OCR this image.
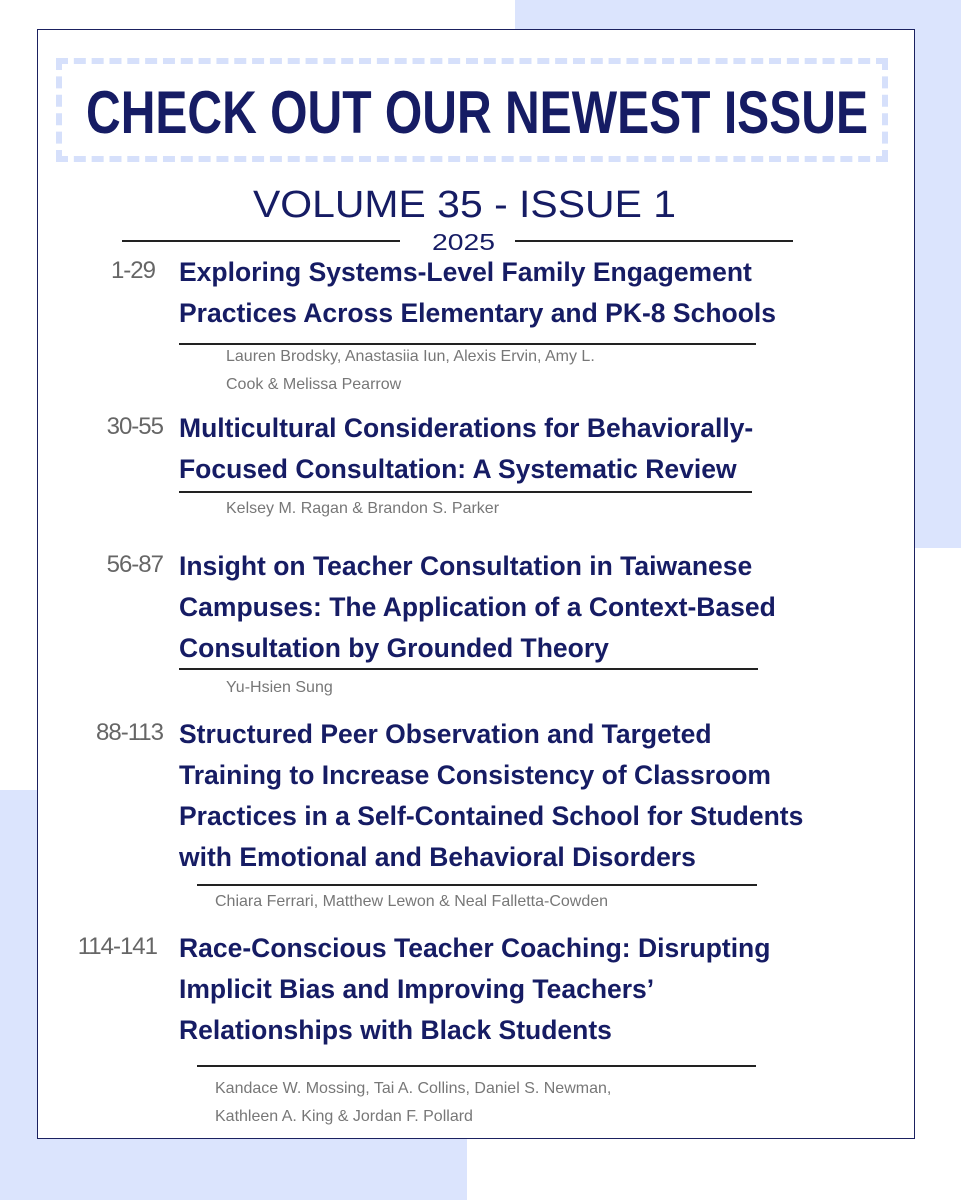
CHECK OUT OUR NEWEST ISSUE
VOLUME 35 - ISSUE 1
2025
1-29 Exploring Systems-Level Family Engagement
Practices Across Elementary and PK-8 Schools
Lauren Brodsky, Anastasiia Iun, Alexis Ervin, Amy L.
Cook & Melissa Pearrow
30-55 Multicultural Considerations for Behaviorally-
Focused Consultation: A Systematic Review
Kelsey M. Ragan & Brandon S. Parker
56-87 Insight on Teacher Consultation in Taiwanese
Campuses: The Application of a Context-Based
Consultation by Grounded Theory
Yu-Hsien Sung
88-113 Structured Peer Observation and Targeted
Training to Increase Consistency of Classroom
Practices in a Self-Contained School for Students
with Emotional and Behavioral Disorders
Chiara Ferrari, Matthew Lewon & Neal Falletta-Cowden
114-141 Race-Conscious Teacher Coaching: Disrupting
Implicit Bias and Improving Teachers’
Relationships with Black Students
Kandace W. Mossing, Tai A. Collins, Daniel S. Newman,
Kathleen A. King & Jordan F. Pollard
